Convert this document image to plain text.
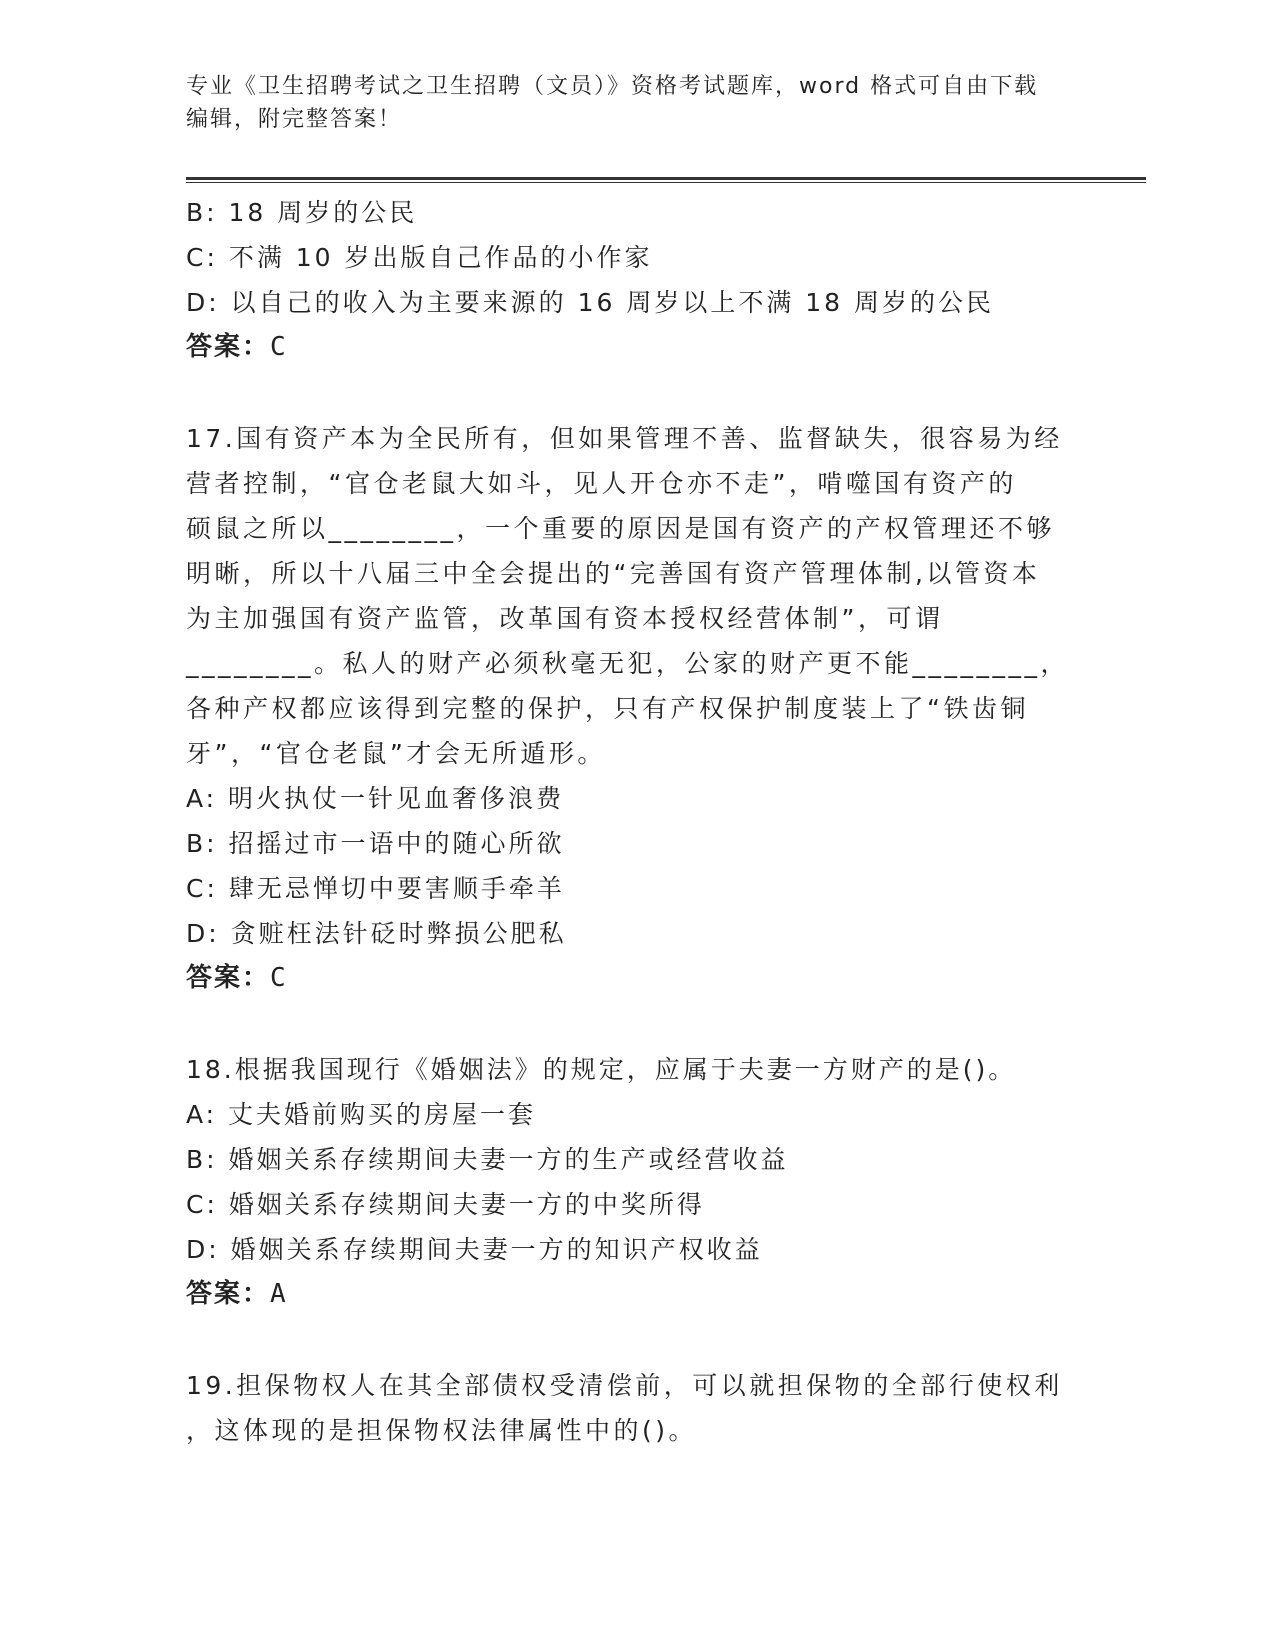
专业《卫生招聘考试之卫生招聘（文员）》资格考试题库，word 格式可自由下载
编辑，附完整答案！
B: 18 周岁的公民
C: 不满 10 岁出版自己作品的小作家
D: 以自己的收入为主要来源的 16 周岁以上不满 18 周岁的公民
答案：C
17.国有资产本为全民所有，但如果管理不善、监督缺失，很容易为经
营者控制，“官仓老鼠大如斗，见人开仓亦不走”，啃噬国有资产的
硕鼠之所以________，一个重要的原因是国有资产的产权管理还不够
明晰，所以十八届三中全会提出的“完善国有资产管理体制,以管资本
为主加强国有资产监管，改革国有资本授权经营体制”，可谓
________。私人的财产必须秋毫无犯，公家的财产更不能________，
各种产权都应该得到完整的保护，只有产权保护制度装上了“铁齿铜
牙”，“官仓老鼠”才会无所遁形。
A: 明火执仗一针见血奢侈浪费
B: 招摇过市一语中的随心所欲
C: 肆无忌惮切中要害顺手牵羊
D: 贪赃枉法针砭时弊损公肥私
答案：C
18.根据我国现行《婚姻法》的规定，应属于夫妻一方财产的是()。
A: 丈夫婚前购买的房屋一套
B: 婚姻关系存续期间夫妻一方的生产或经营收益
C: 婚姻关系存续期间夫妻一方的中奖所得
D: 婚姻关系存续期间夫妻一方的知识产权收益
答案：A
19.担保物权人在其全部债权受清偿前，可以就担保物的全部行使权利
，这体现的是担保物权法律属性中的()。
